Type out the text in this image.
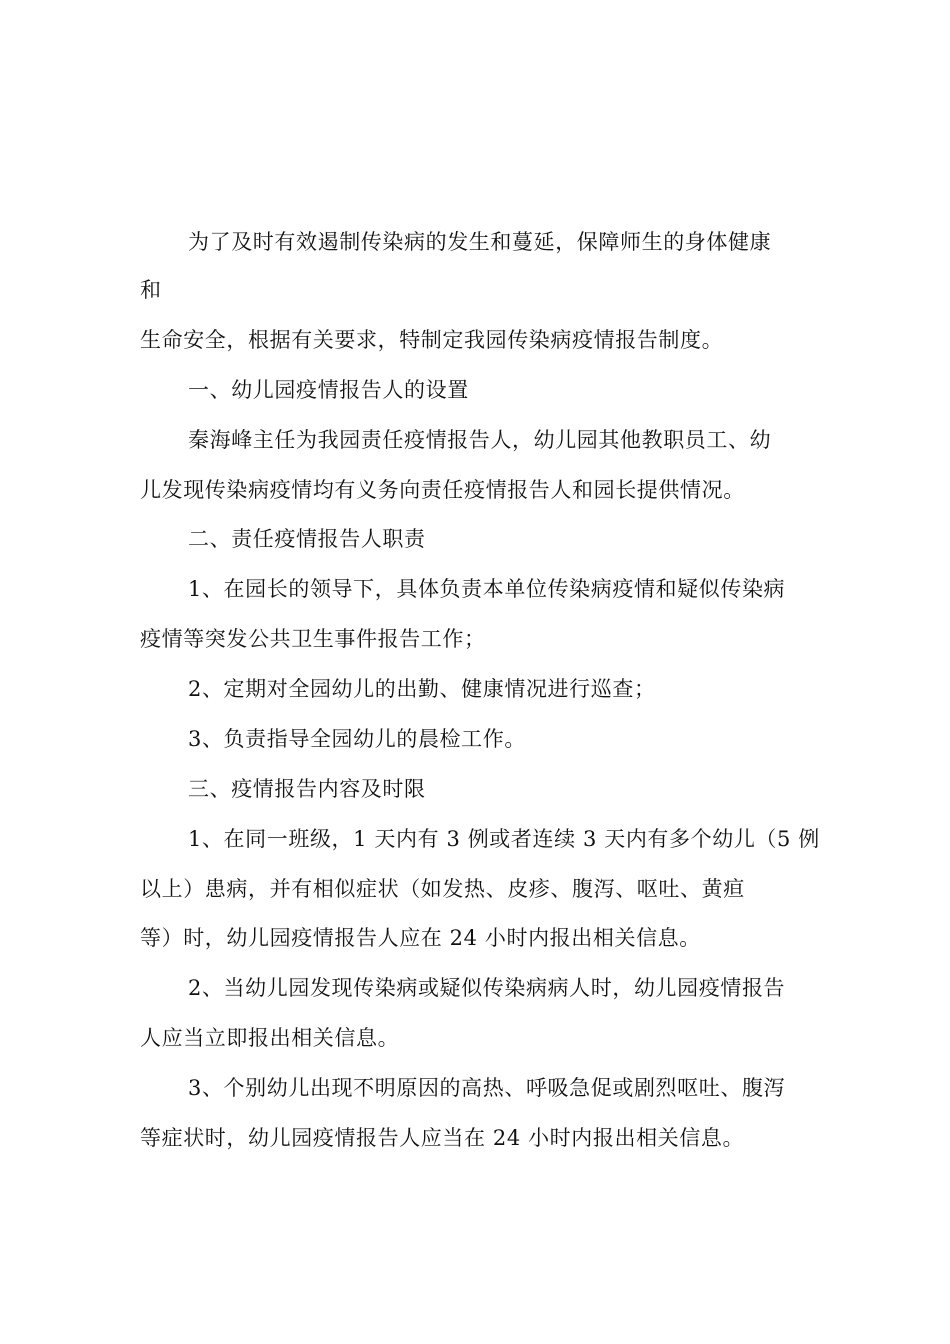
为了及时有效遏制传染病的发生和蔓延，保障师生的身体健康
和
生命安全，根据有关要求，特制定我园传染病疫情报告制度。
一、幼儿园疫情报告人的设置
秦海峰主任为我园责任疫情报告人，幼儿园其他教职员工、幼
儿发现传染病疫情均有义务向责任疫情报告人和园长提供情况。
二、责任疫情报告人职责
1、在园长的领导下，具体负责本单位传染病疫情和疑似传染病
疫情等突发公共卫生事件报告工作；
2、定期对全园幼儿的出勤、健康情况进行巡查；
3、负责指导全园幼儿的晨检工作。
三、疫情报告内容及时限
1、在同一班级，1 天内有 3 例或者连续 3 天内有多个幼儿（5 例
以上）患病，并有相似症状（如发热、皮疹、腹泻、呕吐、黄疸
等）时，幼儿园疫情报告人应在 24 小时内报出相关信息。
2、当幼儿园发现传染病或疑似传染病病人时，幼儿园疫情报告
人应当立即报出相关信息。
3、个别幼儿出现不明原因的高热、呼吸急促或剧烈呕吐、腹泻
等症状时，幼儿园疫情报告人应当在 24 小时内报出相关信息。
